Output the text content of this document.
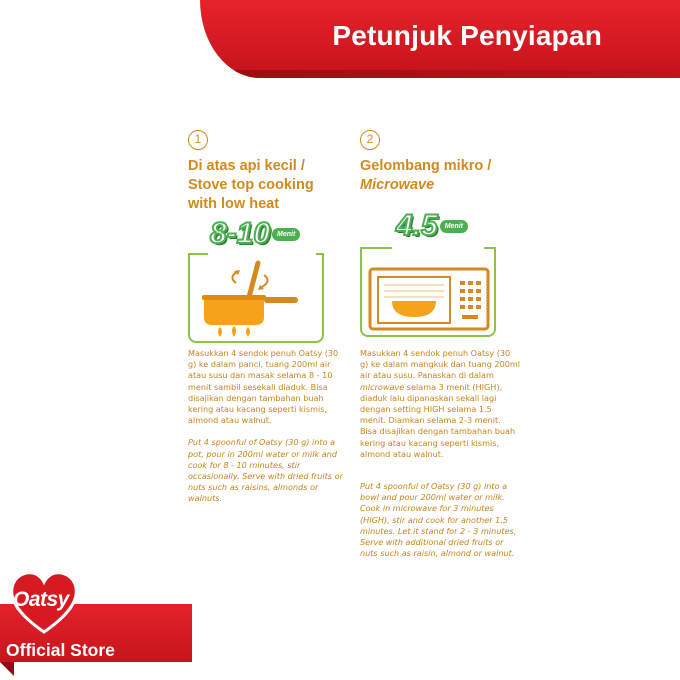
Petunjuk Penyiapan
1
Di atas api kecil /
Stove top cooking
with low heat
8-10	Menit

Masukkan 4 sendok penuh Oatsy (30 g) ke dalam panci, tuang 200ml air atau susu dan masak selama 8 - 10 menit sambil sesekali diaduk. Bisa disajikan dengan tambahan buah kering atau kacang seperti kismis, almond atau walnut.

Put 4 spoonful of Oatsy (30 g) into a pot, pour in 200ml water or milk and cook for 8 - 10 minutes, stir occasionally. Serve with dried fruits or nuts such as raisins, almonds or walnuts.

2
Gelombang mikro /
Microwave
4.5	Menit

Masukkan 4 sendok penuh Oatsy (30 g) ke dalam mangkuk dan tuang 200ml air atau susu. Panaskan di dalam microwave selama 3 menit (HIGH), diaduk lalu dipanaskan sekali lagi dengan setting HIGH selama 1.5 menit. Diamkan selama 2-3 menit. Bisa disajikan dengan tambahan buah kering atau kacang seperti kismis, almond atau walnut.

Put 4 spoonful of Oatsy (30 g) into a bowl and pour 200ml water or milk. Cook in microwave for 3 minutes (HIGH), stir and cook for another 1.5 minutes. Let it stand for 2 - 3 minutes, Serve with additional dried fruits or nuts such as raisin, almond or walnut.

Oatsy
Official Store
